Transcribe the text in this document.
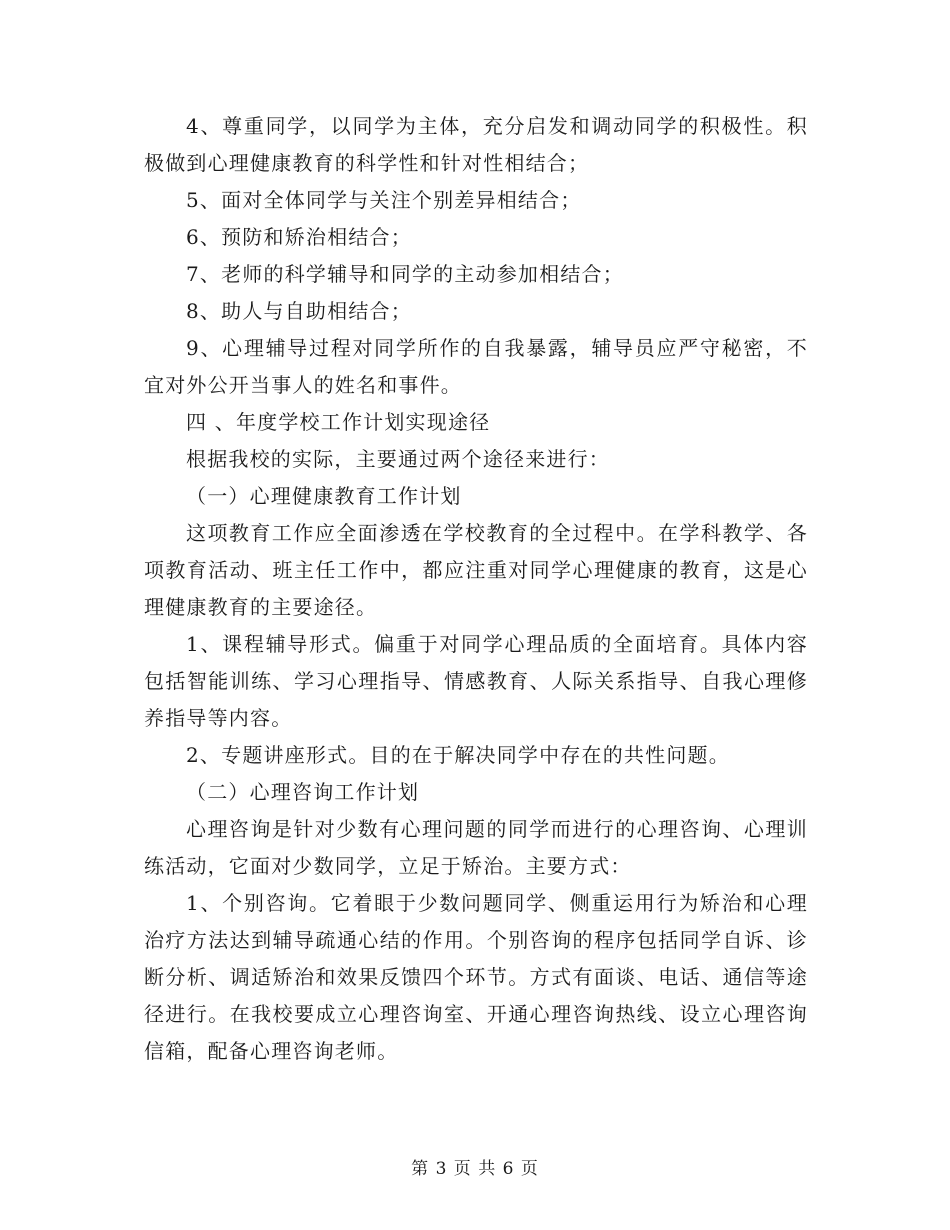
4、尊重同学，以同学为主体，充分启发和调动同学的积极性。积极做到心理健康教育的科学性和针对性相结合；

5、面对全体同学与关注个别差异相结合；

6、预防和矫治相结合；

7、老师的科学辅导和同学的主动参加相结合；

8、助人与自助相结合；

9、心理辅导过程对同学所作的自我暴露，辅导员应严守秘密，不宜对外公开当事人的姓名和事件。

四 、年度学校工作计划实现途径

根据我校的实际，主要通过两个途径来进行：

（一）心理健康教育工作计划

这项教育工作应全面渗透在学校教育的全过程中。在学科教学、各项教育活动、班主任工作中，都应注重对同学心理健康的教育，这是心理健康教育的主要途径。

1、课程辅导形式。偏重于对同学心理品质的全面培育。具体内容包括智能训练、学习心理指导、情感教育、人际关系指导、自我心理修养指导等内容。

2、专题讲座形式。目的在于解决同学中存在的共性问题。

（二）心理咨询工作计划

心理咨询是针对少数有心理问题的同学而进行的心理咨询、心理训练活动，它面对少数同学，立足于矫治。主要方式：

1、个别咨询。它着眼于少数问题同学、侧重运用行为矫治和心理治疗方法达到辅导疏通心结的作用。个别咨询的程序包括同学自诉、诊断分析、调适矫治和效果反馈四个环节。方式有面谈、电话、通信等途径进行。在我校要成立心理咨询室、开通心理咨询热线、设立心理咨询信箱，配备心理咨询老师。

第 3 页 共 6 页
